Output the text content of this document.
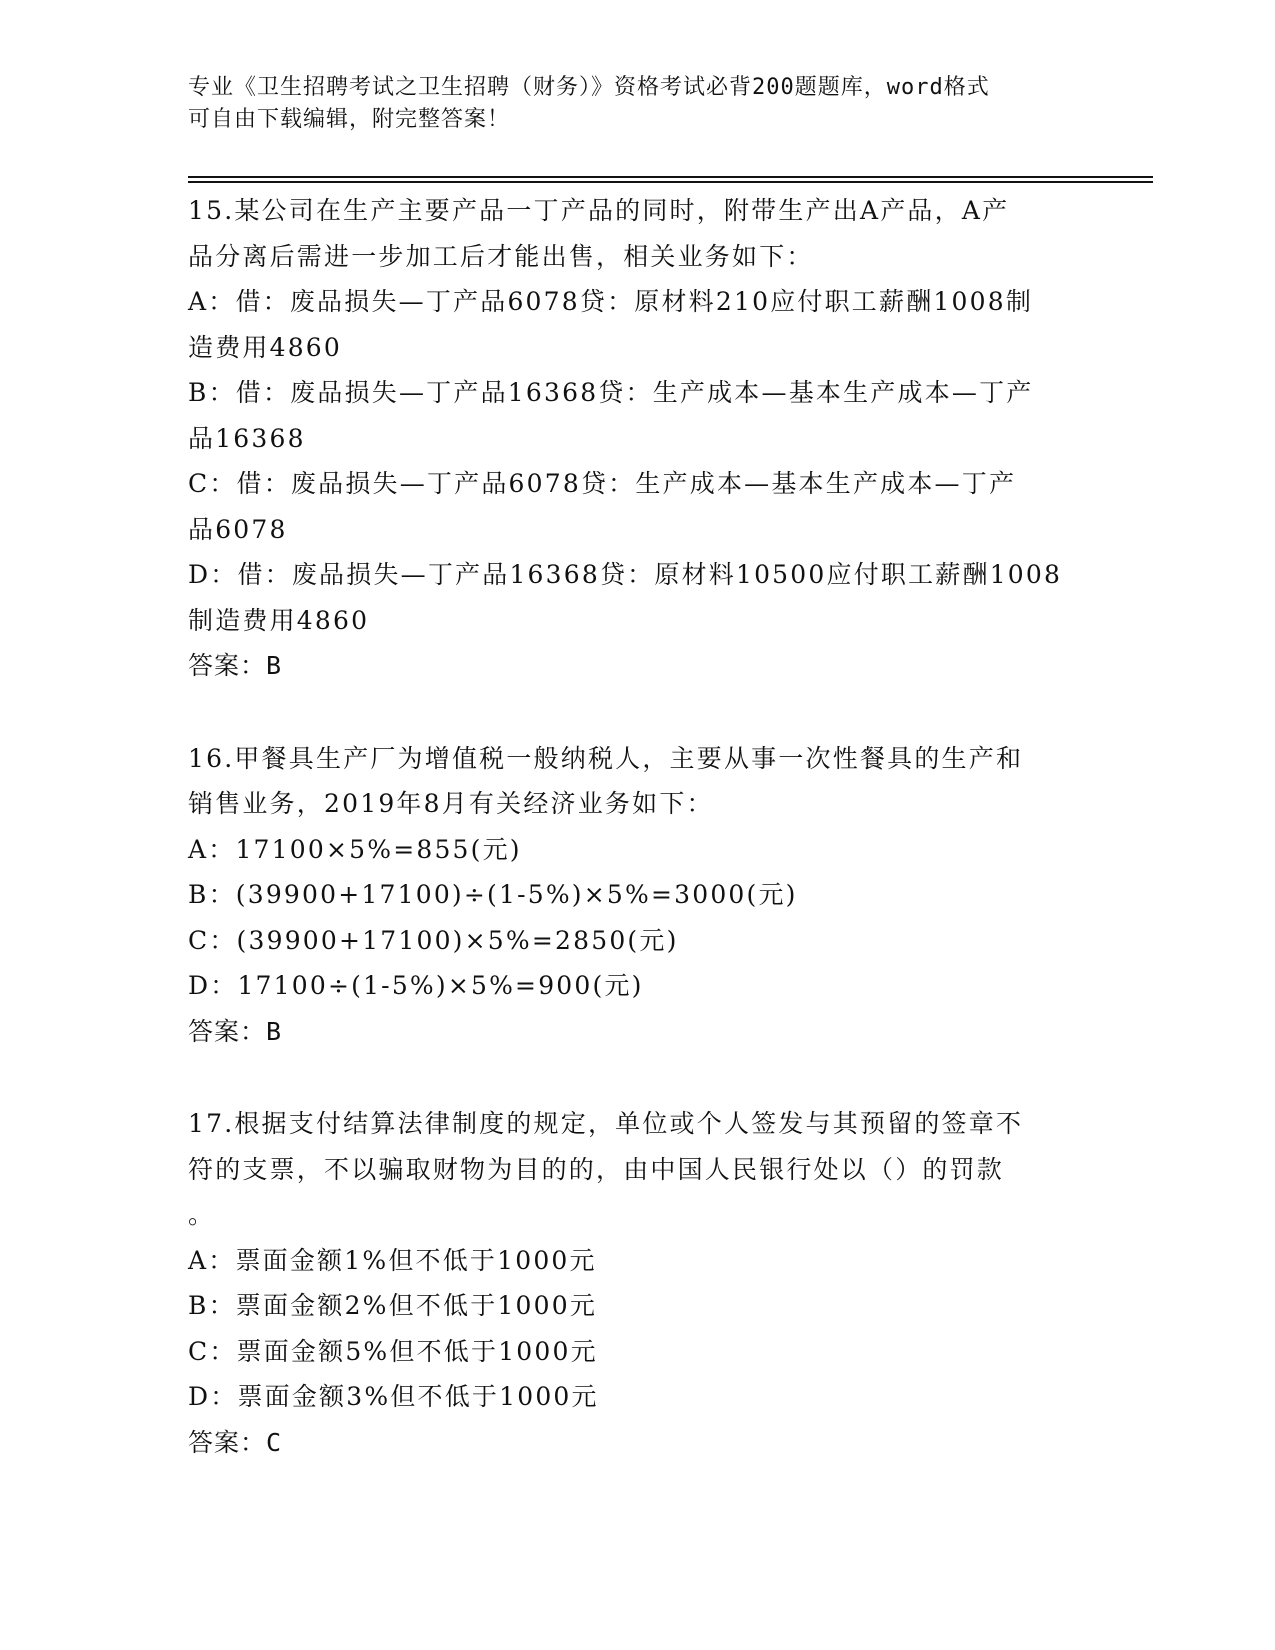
专业《卫生招聘考试之卫生招聘（财务）》资格考试必背200题题库，word格式
可自由下载编辑，附完整答案！
15.某公司在生产主要产品一丁产品的同时，附带生产出A产品，A产
品分离后需进一步加工后才能出售，相关业务如下：
A：借：废品损失—丁产品6078贷：原材料210应付职工薪酬1008制
造费用4860
B：借：废品损失—丁产品16368贷：生产成本—基本生产成本—丁产
品16368
C：借：废品损失—丁产品6078贷：生产成本—基本生产成本—丁产
品6078
D：借：废品损失—丁产品16368贷：原材料10500应付职工薪酬1008
制造费用4860
答案：B
16.甲餐具生产厂为增值税一般纳税人，主要从事一次性餐具的生产和
销售业务，2019年8月有关经济业务如下：
A：17100×5%=855(元)
B：(39900+17100)÷(1-5%)×5%=3000(元)
C：(39900+17100)×5%=2850(元)
D：17100÷(1-5%)×5%=900(元)
答案：B
17.根据支付结算法律制度的规定，单位或个人签发与其预留的签章不
符的支票，不以骗取财物为目的的，由中国人民银行处以（）的罚款
。
A：票面金额1%但不低于1000元
B：票面金额2%但不低于1000元
C：票面金额5%但不低于1000元
D：票面金额3%但不低于1000元
答案：C
